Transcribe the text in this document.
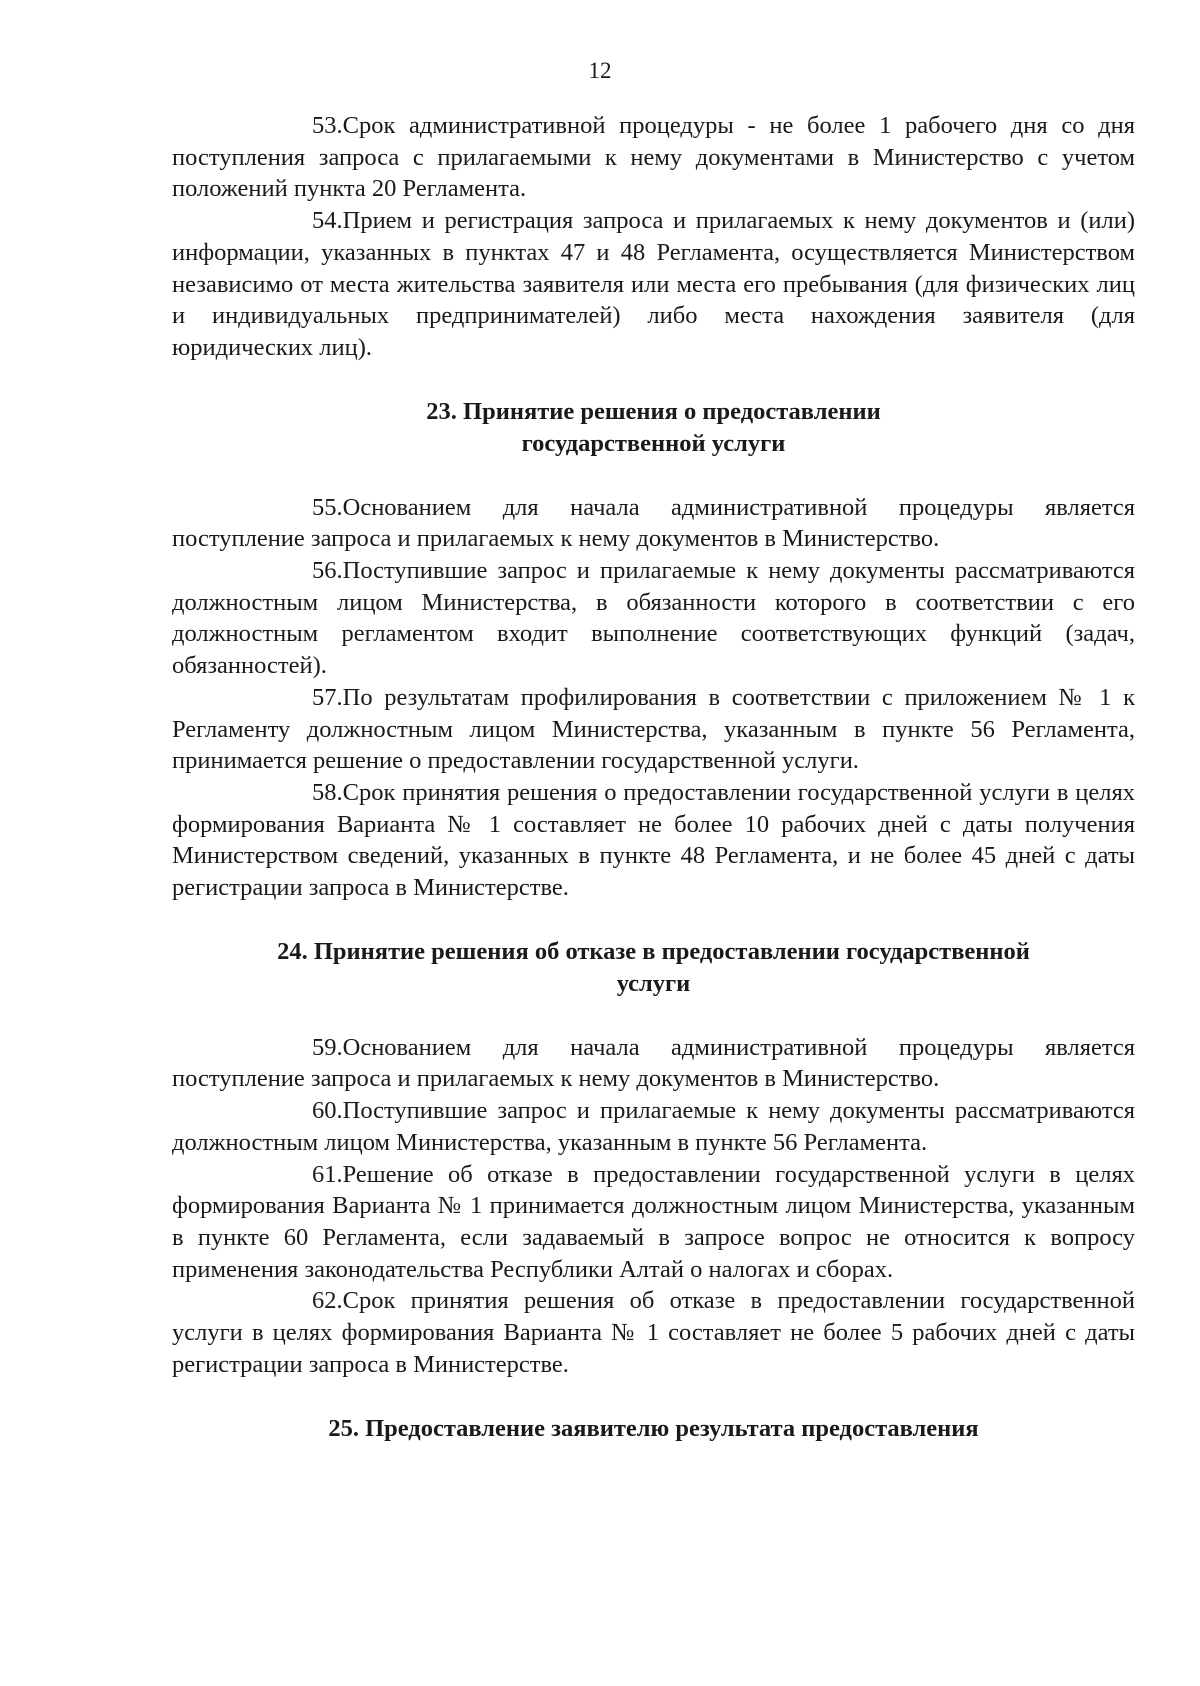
12

53.Срок административной процедуры - не более 1 рабочего дня со дня поступления запроса с прилагаемыми к нему документами в Министерство с учетом положений пункта 20 Регламента.

54.Прием и регистрация запроса и прилагаемых к нему документов и (или) информации, указанных в пунктах 47 и 48 Регламента, осуществляется Министерством независимо от места жительства заявителя или места его пребывания (для физических лиц и индивидуальных предпринимателей) либо места нахождения заявителя (для юридических лиц).

23. Принятие решения о предоставлении
государственной услуги

55.Основанием для начала административной процедуры является поступление запроса и прилагаемых к нему документов в Министерство.

56.Поступившие запрос и прилагаемые к нему документы рассматриваются должностным лицом Министерства, в обязанности которого в соответствии с его должностным регламентом входит выполнение соответствующих функций (задач, обязанностей).

57.По результатам профилирования в соответствии с приложением № 1 к Регламенту должностным лицом Министерства, указанным в пункте 56 Регламента, принимается решение о предоставлении государственной услуги.

58.Срок принятия решения о предоставлении государственной услуги в целях формирования Варианта № 1 составляет не более 10 рабочих дней с даты получения Министерством сведений, указанных в пункте 48 Регламента, и не более 45 дней с даты регистрации запроса в Министерстве.

24. Принятие решения об отказе в предоставлении государственной
услуги

59.Основанием для начала административной процедуры является поступление запроса и прилагаемых к нему документов в Министерство.

60.Поступившие запрос и прилагаемые к нему документы рассматриваются должностным лицом Министерства, указанным в пункте 56 Регламента.

61.Решение об отказе в предоставлении государственной услуги в целях формирования Варианта № 1 принимается должностным лицом Министерства, указанным в пункте 60 Регламента, если задаваемый в запросе вопрос не относится к вопросу применения законодательства Республики Алтай о налогах и сборах.

62.Срок принятия решения об отказе в предоставлении государственной услуги в целях формирования Варианта № 1 составляет не более 5 рабочих дней с даты регистрации запроса в Министерстве.

25. Предоставление заявителю результата предоставления
